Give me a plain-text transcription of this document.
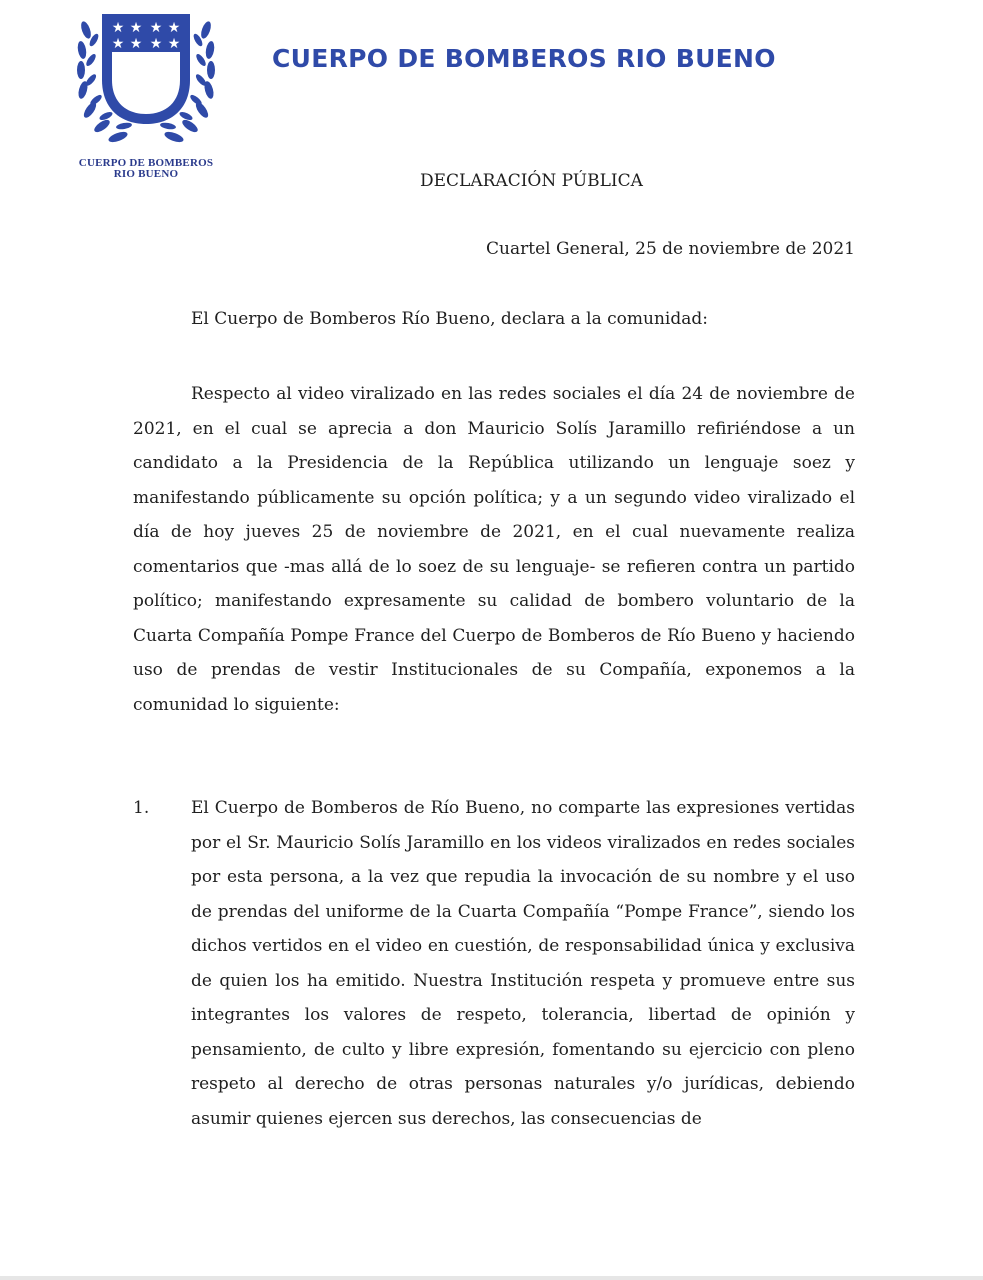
★ ★ ★ ★
★ ★ ★ ★
CUERPO DE BOMBEROS
RIO BUENO
CUERPO DE BOMBEROS RIO BUENO
DECLARACIÓN PÚBLICA
Cuartel General, 25 de noviembre de 2021
El Cuerpo de Bomberos Río Bueno, declara a la comunidad:

Respecto al video viralizado en las redes sociales el día 24 de noviembre de 2021, en el cual se aprecia a don Mauricio Solís Jaramillo refiriéndose a un candidato a la Presidencia de la República utilizando un lenguaje soez y manifestando públicamente su opción política; y a un segundo video viralizado el día de hoy jueves 25 de noviembre de 2021, en el cual nuevamente realiza comentarios que -mas allá de lo soez de su lenguaje- se refieren contra un partido político; manifestando expresamente su calidad de bombero voluntario de la Cuarta Compañía Pompe France del Cuerpo de Bomberos de Río Bueno y haciendo uso de prendas de vestir Institucionales de su Compañía, exponemos a la comunidad lo siguiente:

1. El Cuerpo de Bomberos de Río Bueno, no comparte las expresiones vertidas por el Sr. Mauricio Solís Jaramillo en los videos viralizados en redes sociales por esta persona, a la vez que repudia la invocación de su nombre y el uso de prendas del uniforme de la Cuarta Compañía “Pompe France”, siendo los dichos vertidos en el video en cuestión, de responsabilidad única y exclusiva de quien los ha emitido. Nuestra Institución respeta y promueve entre sus integrantes los valores de respeto, tolerancia, libertad de opinión y pensamiento, de culto y libre expresión, fomentando su ejercicio con pleno respeto al derecho de otras personas naturales y/o jurídicas, debiendo asumir quienes ejercen sus derechos, las consecuencias de
